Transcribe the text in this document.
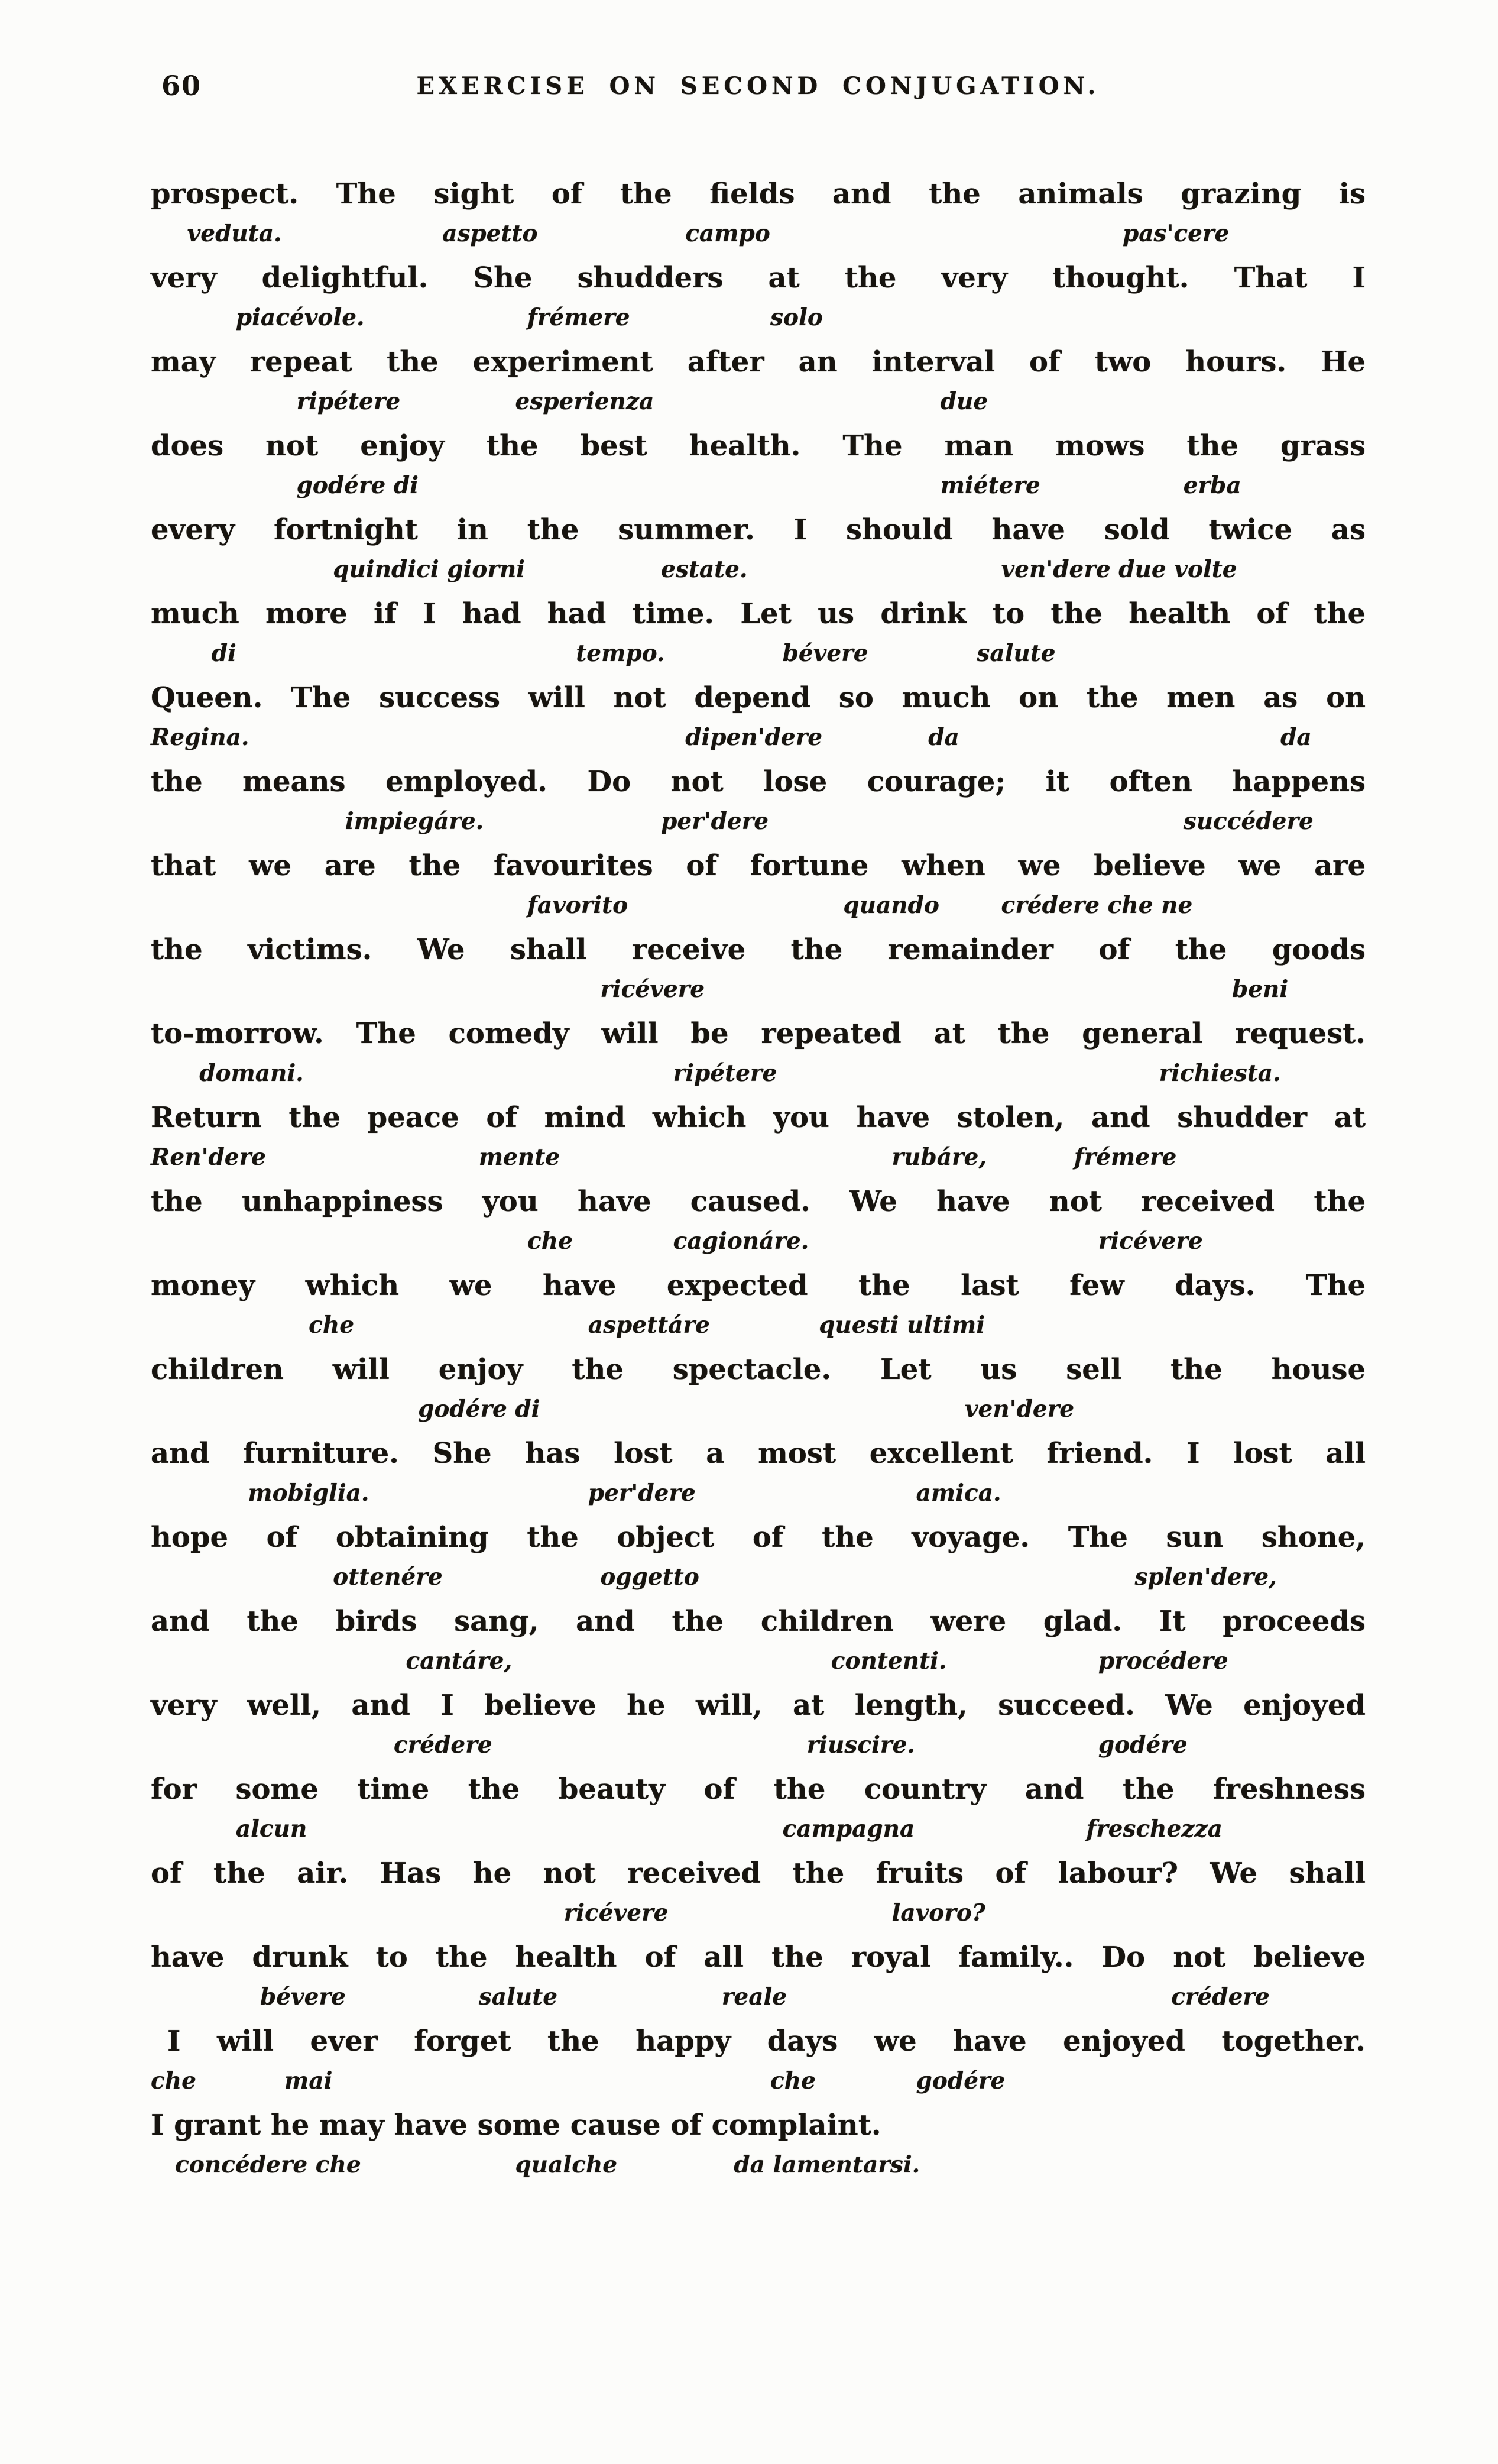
60	EXERCISE ON SECOND CONJUGATION.
prospect. The sight of the fields and the animals grazing is
veduta.	aspetto	campo	pas'cere
very delightful. She shudders at the very thought. That I
piacévole.	frémere	solo
may repeat the experiment after an interval of two hours. He
ripétere	esperienza	due
does not enjoy the best health. The man mows the grass
godére di	miétere	erba
every fortnight in the summer. I should have sold twice as
quindici giorni	estate.	ven'dere due volte
much more if I had had time. Let us drink to the health of the
di	tempo.	bévere	salute
Queen. The success will not depend so much on the men as on
Regina.	dipen'dere	da	da
the means employed. Do not lose courage; it often happens
impiegáre.	per'dere	succédere
that we are the favourites of fortune when we believe we are
favorito	quando	crédere che ne
the victims. We shall receive the remainder of the goods
ricévere	beni
to-morrow. The comedy will be repeated at the general request.
domani.	ripétere	richiesta.
Return the peace of mind which you have stolen, and shudder at
Ren'dere	mente	rubáre,	frémere
the unhappiness you have caused. We have not received the
che	cagionáre.	ricévere
money which we have expected the last few days. The
che	aspettáre	questi ultimi
children will enjoy the spectacle. Let us sell the house
godére di	ven'dere
and furniture. She has lost a most excellent friend. I lost all
mobiglia.	per'dere	amica.
hope of obtaining the object of the voyage. The sun shone,
ottenére	oggetto	splen'dere,
and the birds sang, and the children were glad. It proceeds
cantáre,	contenti.	procédere
very well, and I believe he will, at length, succeed. We enjoyed
crédere	riuscire.	godére
for some time the beauty of the country and the freshness
alcun	campagna	freschezza
of the air. Has he not received the fruits of labour? We shall
ricévere	lavoro?
have drunk to the health of all the royal family.. Do not believe
bévere	salute	reale	crédere
I will ever forget the happy days we have enjoyed together.
che	mai	che	godére
I grant he may have some cause of complaint.
concédere che	qualche	da lamentarsi.
